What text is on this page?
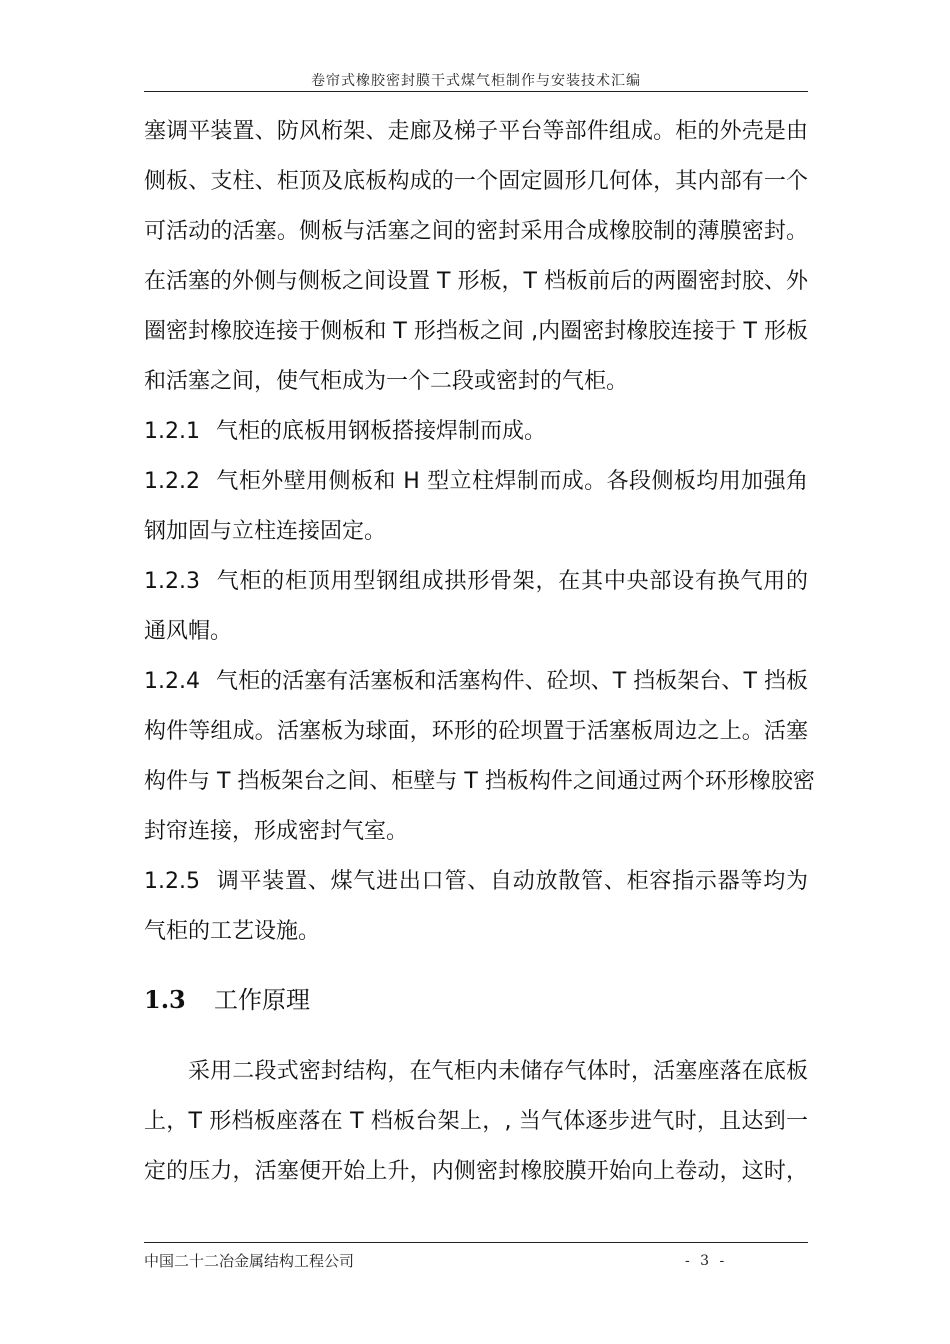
卷帘式橡胶密封膜干式煤气柜制作与安装技术汇编
塞调平装置、防风桁架、走廊及梯子平台等部件组成。柜的外壳是由
侧板、支柱、柜顶及底板构成的一个固定圆形几何体，其内部有一个
可活动的活塞。侧板与活塞之间的密封采用合成橡胶制的薄膜密封。
在活塞的外侧与侧板之间设置 T 形板，T 档板前后的两圈密封胶、外
圈密封橡胶连接于侧板和 T 形挡板之间 ,内圈密封橡胶连接于 T 形板
和活塞之间，使气柜成为一个二段或密封的气柜。
1.2.1 气柜的底板用钢板搭接焊制而成。
1.2.2 气柜外壁用侧板和 H 型立柱焊制而成。各段侧板均用加强角
钢加固与立柱连接固定。
1.2.3 气柜的柜顶用型钢组成拱形骨架，在其中央部设有换气用的
通风帽。
1.2.4 气柜的活塞有活塞板和活塞构件、砼坝、T 挡板架台、T 挡板
构件等组成。活塞板为球面，环形的砼坝置于活塞板周边之上。活塞
构件与 T 挡板架台之间、柜壁与 T 挡板构件之间通过两个环形橡胶密
封帘连接，形成密封气室。
1.2.5 调平装置、煤气进出口管、自动放散管、柜容指示器等均为
气柜的工艺设施。
1.3 工作原理
采用二段式密封结构，在气柜内未储存气体时，活塞座落在底板
上，T 形档板座落在 T 档板台架上，, 当气体逐步进气时，且达到一
定的压力，活塞便开始上升，内侧密封橡胶膜开始向上卷动，这时，
中国二十二冶金属结构工程公司	- 3 -
